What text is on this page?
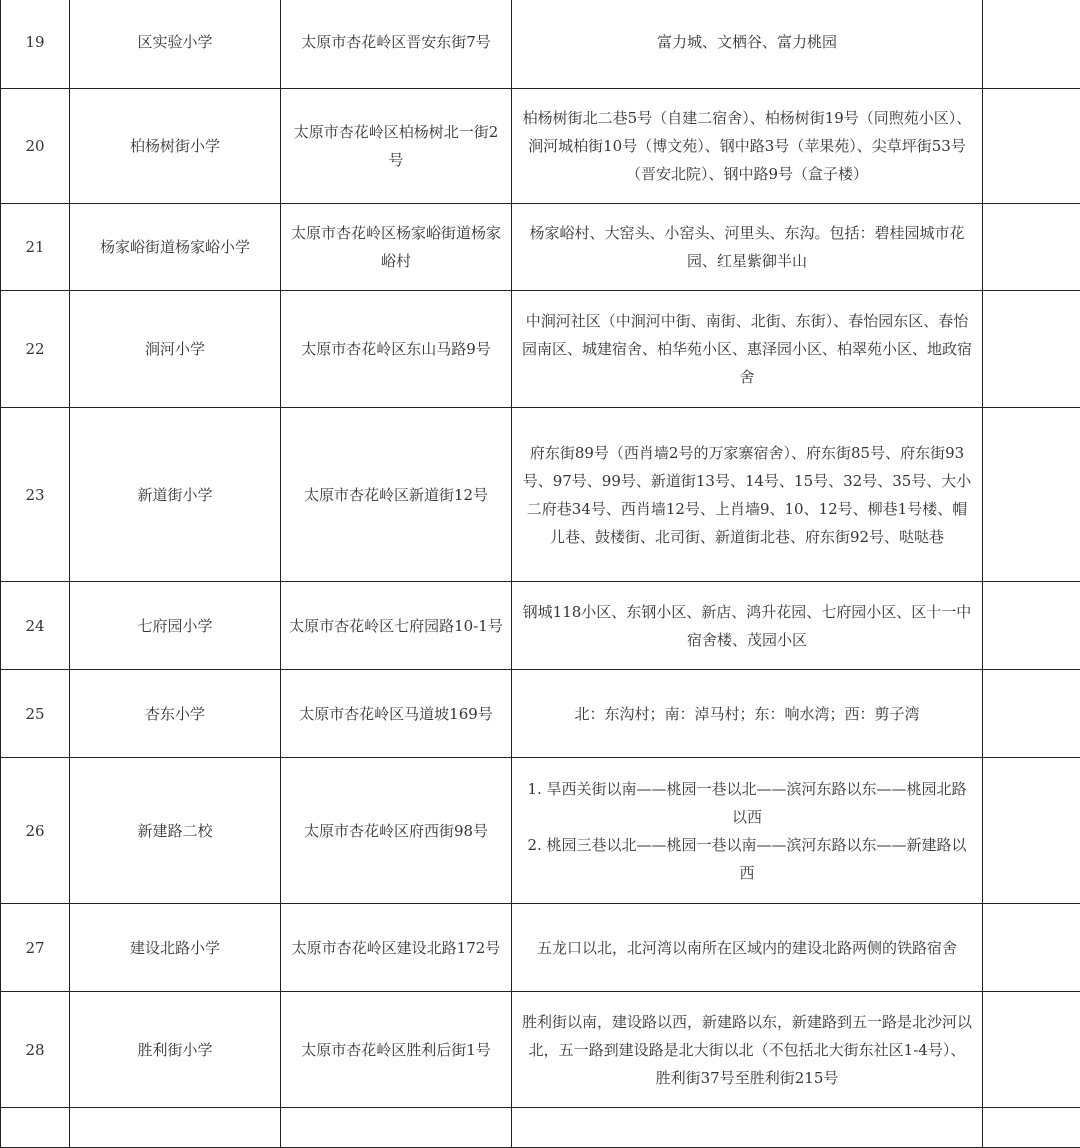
19	区实验小学	太原市杏花岭区晋安东街7号	富力城、文栖谷、富力桃园	
20	柏杨树街小学	太原市杏花岭区柏杨树北一街2号	柏杨树街北二巷5号（自建二宿舍）、柏杨树街19号（同煦苑小区）、涧河城柏街10号（博文苑）、钢中路3号（苹果苑）、尖草坪街53号（晋安北院）、钢中路9号（盒子楼）	
21	杨家峪街道杨家峪小学	太原市杏花岭区杨家峪街道杨家峪村	杨家峪村、大窑头、小窑头、河里头、东沟。包括：碧桂园城市花园、红星紫御半山	
22	涧河小学	太原市杏花岭区东山马路9号	中涧河社区（中涧河中街、南街、北街、东街）、春怡园东区、春怡园南区、城建宿舍、柏华苑小区、惠泽园小区、柏翠苑小区、地政宿舍	
23	新道街小学	太原市杏花岭区新道街12号	府东街89号（西肖墙2号的万家寨宿舍）、府东街85号、府东街93号、97号、99号、新道街13号、14号、15号、32号、35号、大小二府巷34号、西肖墙12号、上肖墙9、10、12号、柳巷1号楼、帽儿巷、鼓楼街、北司街、新道街北巷、府东街92号、哒哒巷	
24	七府园小学	太原市杏花岭区七府园路10-1号	钢城118小区、东钢小区、新店、鸿升花园、七府园小区、区十一中宿舍楼、茂园小区	
25	杏东小学	太原市杏花岭区马道坡169号	北：东沟村；南：淖马村；东：响水湾；西：剪子湾	
26	新建路二校	太原市杏花岭区府西街98号	1. 旱西关街以南——桃园一巷以北——滨河东路以东——桃园北路以西
2. 桃园三巷以北——桃园一巷以南——滨河东路以东——新建路以西	

27	建设北路小学	太原市杏花岭区建设北路172号	五龙口以北，北河湾以南所在区域内的建设北路两侧的铁路宿舍	
28	胜利街小学	太原市杏花岭区胜利后街1号	胜利街以南，建设路以西，新建路以东，新建路到五一路是北沙河以北，五一路到建设路是北大街以北（不包括北大街东社区1-4号）、胜利街37号至胜利街215号	
